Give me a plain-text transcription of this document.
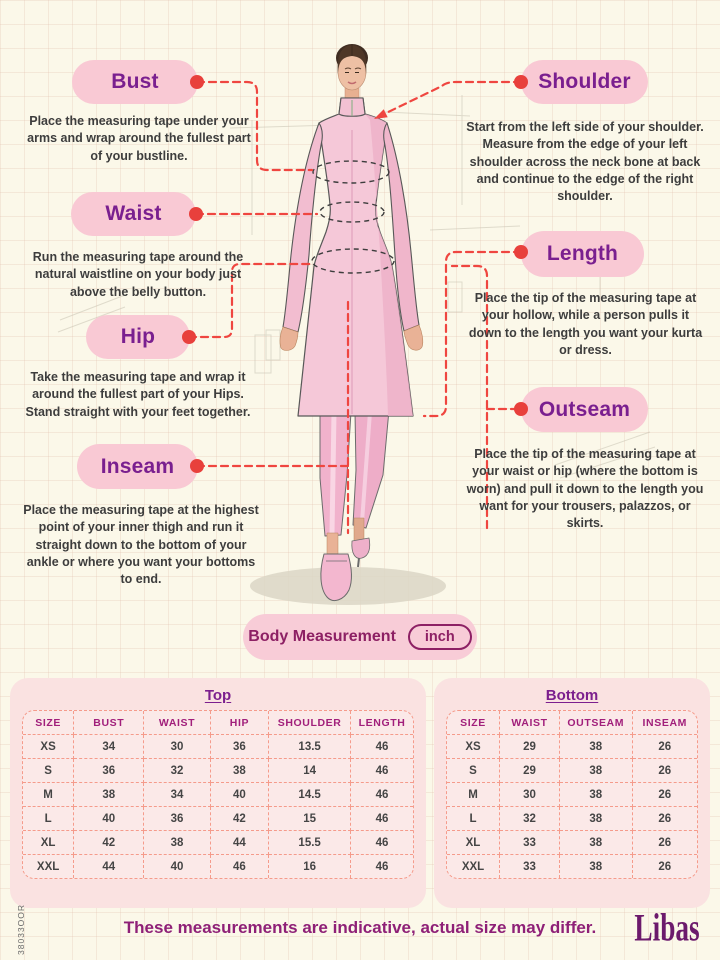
Bust
Waist
Hip
Inseam
Shoulder
Length
Outseam
Place the measuring tape under your arms and wrap around the fullest part of your bustline.
Run the measuring tape around the natural waistline on your body just above the belly button.
Take the measuring tape and wrap it around the fullest part of your Hips. Stand straight with your feet together.
Place the measuring tape at the highest point of your inner thigh and run it straight down to the bottom of your ankle or where you want your bottoms to end.
Start from the left side of your shoulder. Measure from the edge of your left shoulder across the neck bone at back and continue to the edge of the right shoulder.
Place the tip of the measuring tape at your hollow, while a person pulls it down to the length you want your kurta or dress.
Place the tip of the measuring tape at your waist or hip (where the bottom is worn) and pull it down to the length you want for your trousers, palazzos, or skirts.
Body Measurement	inch
Top
SIZE	BUST	WAIST	HIP	SHOULDER	LENGTH
XS	34	30	36	13.5	46
S	36	32	38	14	46
M	38	34	40	14.5	46
L	40	36	42	15	46
XL	42	38	44	15.5	46
XXL	44	40	46	16	46
Bottom
SIZE	WAIST	OUTSEAM	INSEAM
XS	29	38	26
S	29	38	26
M	30	38	26
L	32	38	26
XL	33	38	26
XXL	33	38	26
These measurements are indicative, actual size may differ.	Libas
38033OOR
